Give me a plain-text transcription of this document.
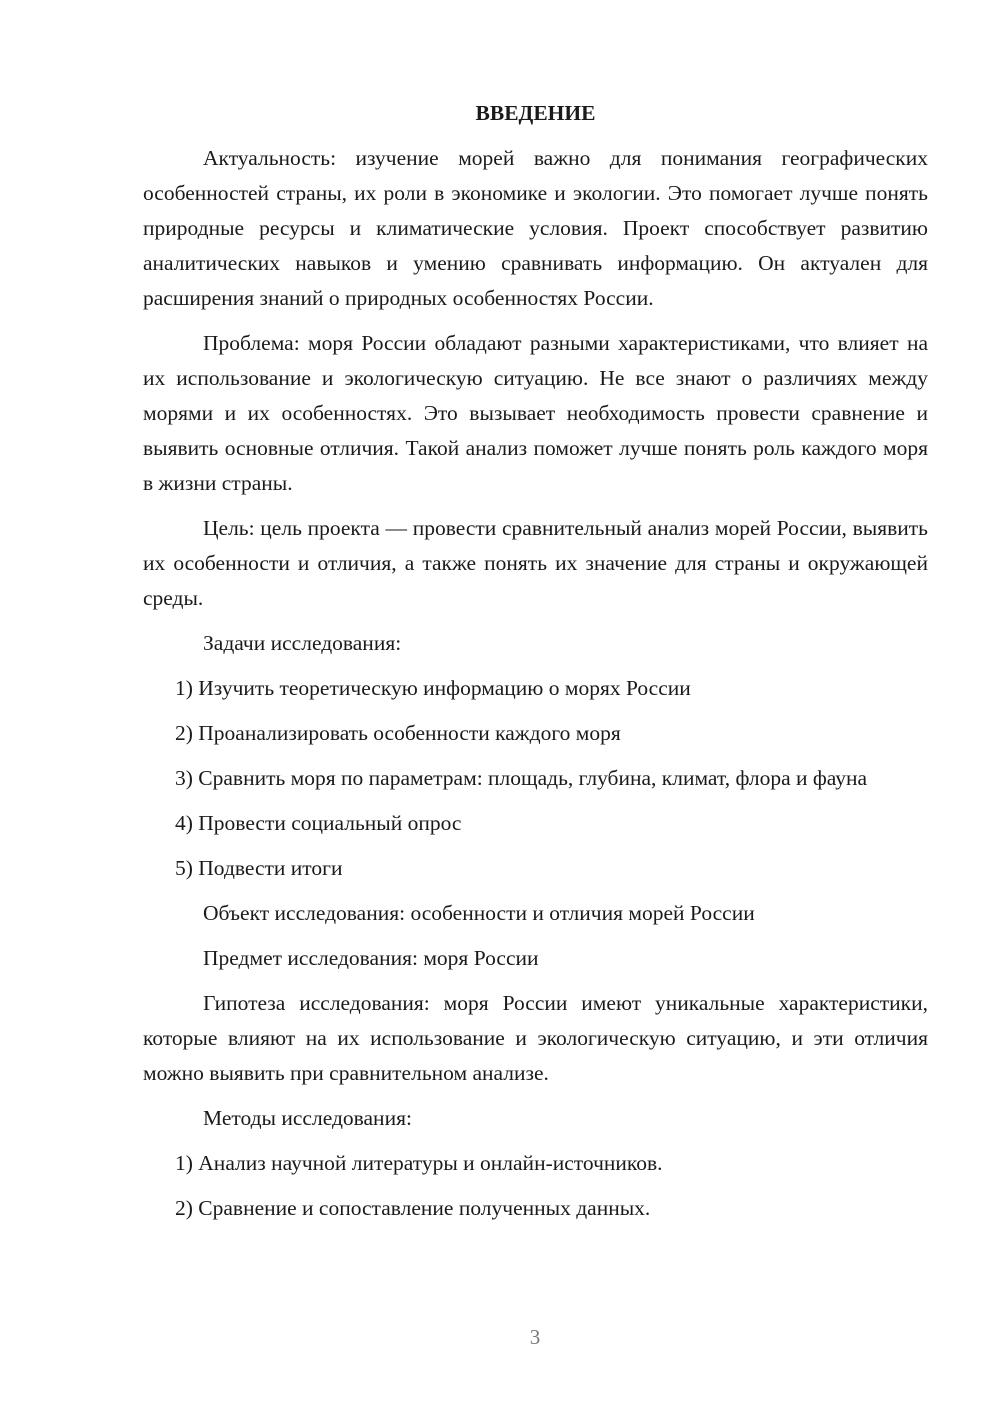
ВВЕДЕНИЕ

Актуальность: изучение морей важно для понимания географических особенностей страны, их роли в экономике и экологии. Это помогает лучше понять природные ресурсы и климатические условия. Проект способствует развитию аналитических навыков и умению сравнивать информацию. Он актуален для расширения знаний о природных особенностях России.

Проблема: моря России обладают разными характеристиками, что влияет на их использование и экологическую ситуацию. Не все знают о различиях между морями и их особенностях. Это вызывает необходимость провести сравнение и выявить основные отличия. Такой анализ поможет лучше понять роль каждого моря в жизни страны.

Цель: цель проекта — провести сравнительный анализ морей России, выявить их особенности и отличия, а также понять их значение для страны и окружающей среды.

Задачи исследования:

1) Изучить теоретическую информацию о морях России

2) Проанализировать особенности каждого моря

3) Сравнить моря по параметрам: площадь, глубина, климат, флора и фауна

4) Провести социальный опрос

5) Подвести итоги

Объект исследования: особенности и отличия морей России

Предмет исследования: моря России

Гипотеза исследования: моря России имеют уникальные характеристики, которые влияют на их использование и экологическую ситуацию, и эти отличия можно выявить при сравнительном анализе.

Методы исследования:

1) Анализ научной литературы и онлайн-источников.

2) Сравнение и сопоставление полученных данных.

3
